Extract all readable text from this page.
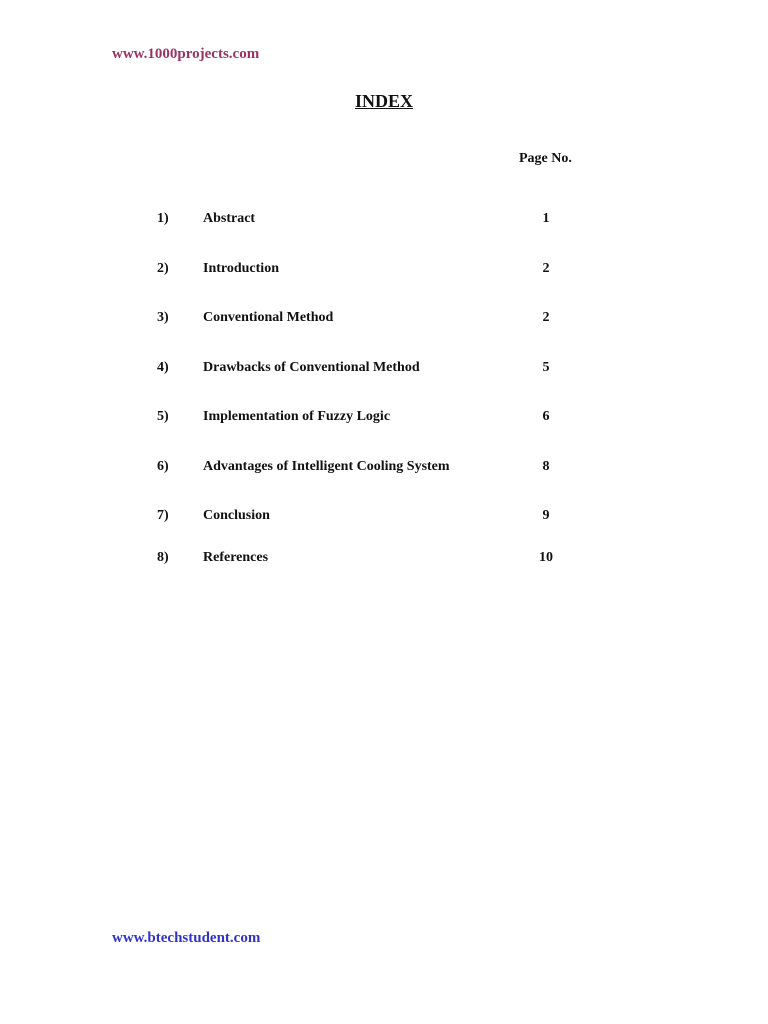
www.1000projects.com
INDEX
Page No.
1) Abstract	1
2) Introduction	2
3) Conventional Method	2
4) Drawbacks of Conventional Method	5
5) Implementation of Fuzzy Logic	6
6) Advantages of Intelligent Cooling System	8
7) Conclusion	9
8) References	10
www.btechstudent.com
